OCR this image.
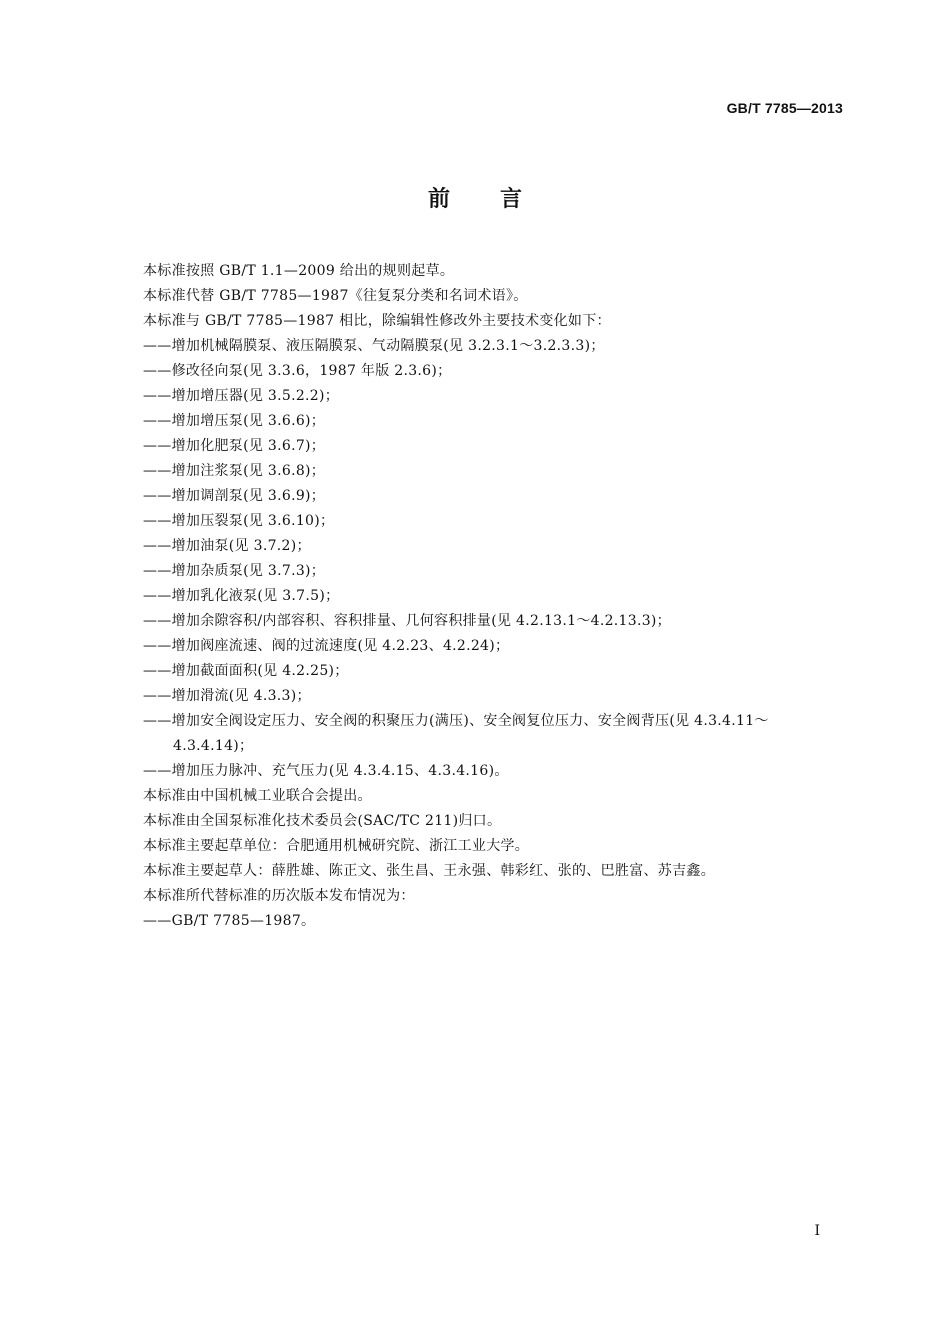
GB/T 7785—2013
前言
本标准按照 GB/T 1.1—2009 给出的规则起草。
本标准代替 GB/T 7785—1987《往复泵分类和名词术语》。
本标准与 GB/T 7785—1987 相比，除编辑性修改外主要技术变化如下：
——增加机械隔膜泵、液压隔膜泵、气动隔膜泵(见 3.2.3.1～3.2.3.3)；
——修改径向泵(见 3.3.6，1987 年版 2.3.6)；
——增加增压器(见 3.5.2.2)；
——增加增压泵(见 3.6.6)；
——增加化肥泵(见 3.6.7)；
——增加注浆泵(见 3.6.8)；
——增加调剖泵(见 3.6.9)；
——增加压裂泵(见 3.6.10)；
——增加油泵(见 3.7.2)；
——增加杂质泵(见 3.7.3)；
——增加乳化液泵(见 3.7.5)；
——增加余隙容积/内部容积、容积排量、几何容积排量(见 4.2.13.1～4.2.13.3)；
——增加阀座流速、阀的过流速度(见 4.2.23、4.2.24)；
——增加截面面积(见 4.2.25)；
——增加滑流(见 4.3.3)；
——增加安全阀设定压力、安全阀的积聚压力(满压)、安全阀复位压力、安全阀背压(见 4.3.4.11～
4.3.4.14)；
——增加压力脉冲、充气压力(见 4.3.4.15、4.3.4.16)。
本标准由中国机械工业联合会提出。
本标准由全国泵标准化技术委员会(SAC/TC 211)归口。
本标准主要起草单位：合肥通用机械研究院、浙江工业大学。
本标准主要起草人：薛胜雄、陈正文、张生昌、王永强、韩彩红、张的、巴胜富、苏吉鑫。
本标准所代替标准的历次版本发布情况为：
——GB/T 7785—1987。
I
